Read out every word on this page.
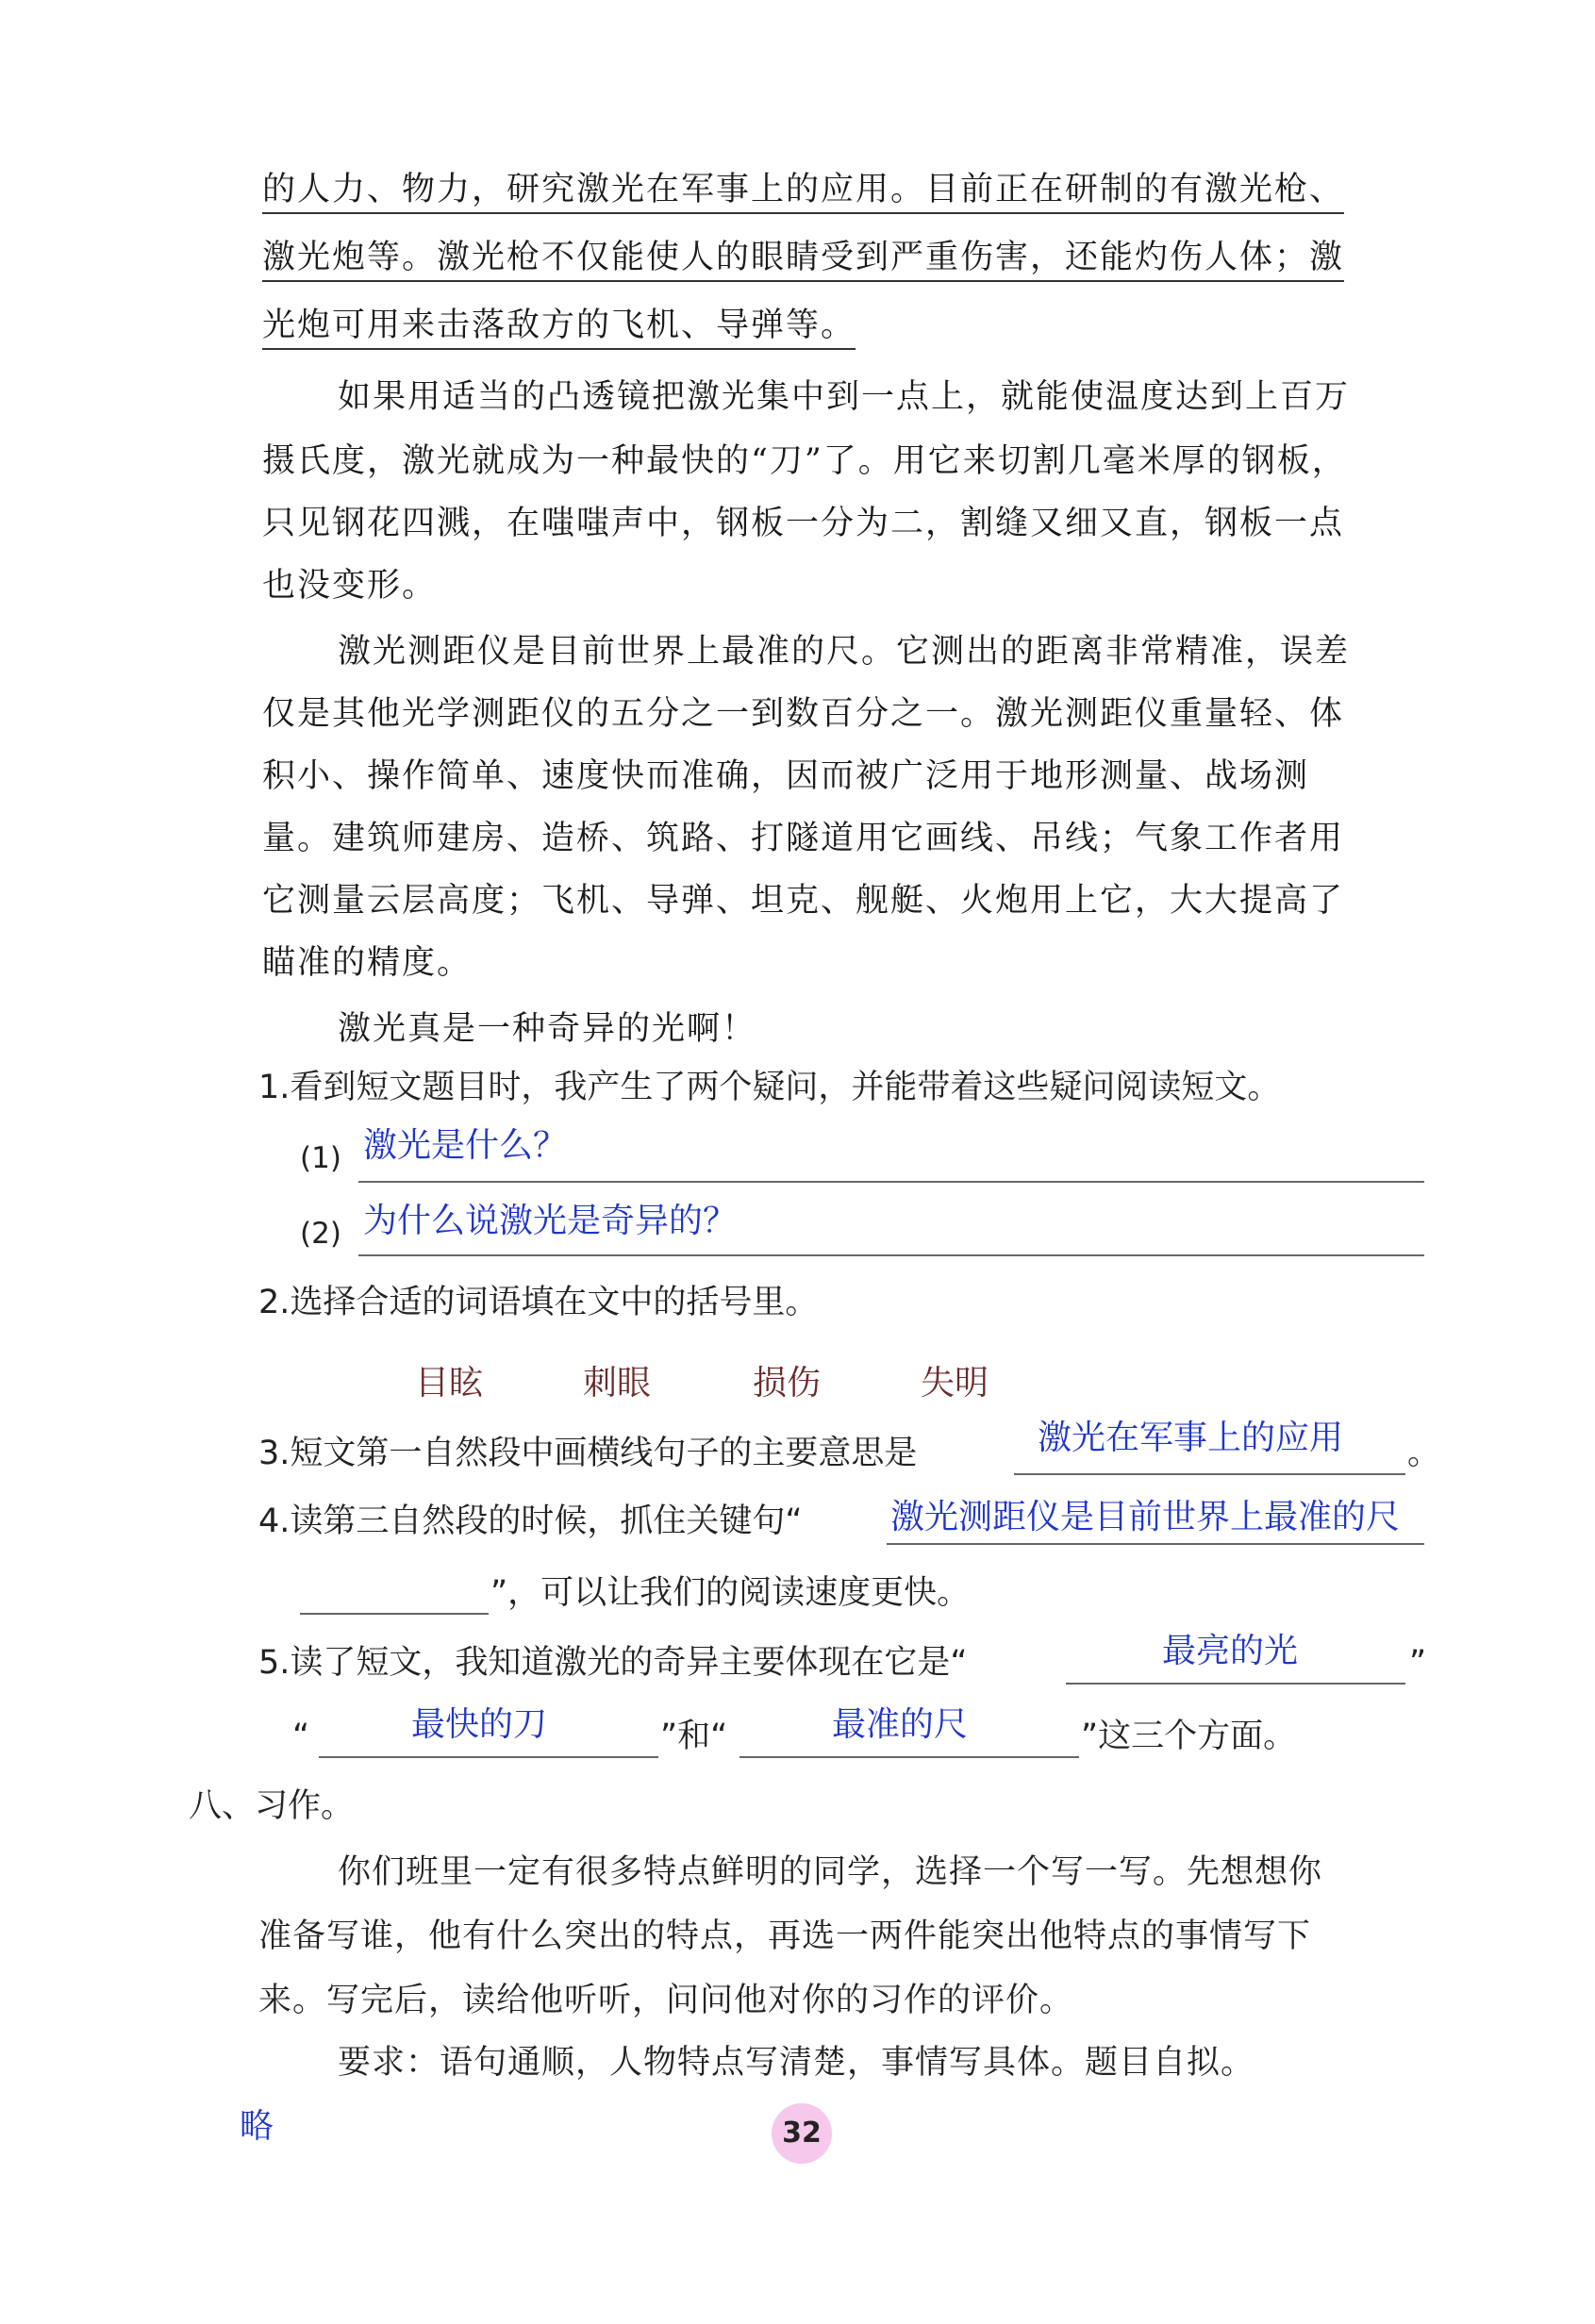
的人力、物力，研究激光在军事上的应用。目前正在研制的有激光枪、
激光炮等。激光枪不仅能使人的眼睛受到严重伤害，还能灼伤人体；激
光炮可用来击落敌方的飞机、导弹等。
如果用适当的凸透镜把激光集中到一点上，就能使温度达到上百万
摄氏度，激光就成为一种最快的“刀”了。用它来切割几毫米厚的钢板，
只见钢花四溅，在嗤嗤声中，钢板一分为二，割缝又细又直，钢板一点
也没变形。
激光测距仪是目前世界上最准的尺。它测出的距离非常精准，误差
仅是其他光学测距仪的五分之一到数百分之一。激光测距仪重量轻、体
积小、操作简单、速度快而准确，因而被广泛用于地形测量、战场测
量。建筑师建房、造桥、筑路、打隧道用它画线、吊线；气象工作者用
它测量云层高度；飞机、导弹、坦克、舰艇、火炮用上它，大大提高了
瞄准的精度。
激光真是一种奇异的光啊！
1.看到短文题目时，我产生了两个疑问，并能带着这些疑问阅读短文。
(1) 激光是什么？
(2) 为什么说激光是奇异的？
2.选择合适的词语填在文中的括号里。
目眩	刺眼	损伤	失明
3.短文第一自然段中画横线句子的主要意思是	激光在军事上的应用 。
4.读第三自然段的时候，抓住关键句“	激光测距仪是目前世界上最准的尺
”，可以让我们的阅读速度更快。
5.读了短文，我知道激光的奇异主要体现在它是“	最亮的光	”
“	最快的刀	”和“	最准的尺	”这三个方面。
八、习作。
你们班里一定有很多特点鲜明的同学，选择一个写一写。先想想你
准备写谁，他有什么突出的特点，再选一两件能突出他特点的事情写下
来。写完后，读给他听听，问问他对你的习作的评价。
要求：语句通顺，人物特点写清楚，事情写具体。题目自拟。
略	32
